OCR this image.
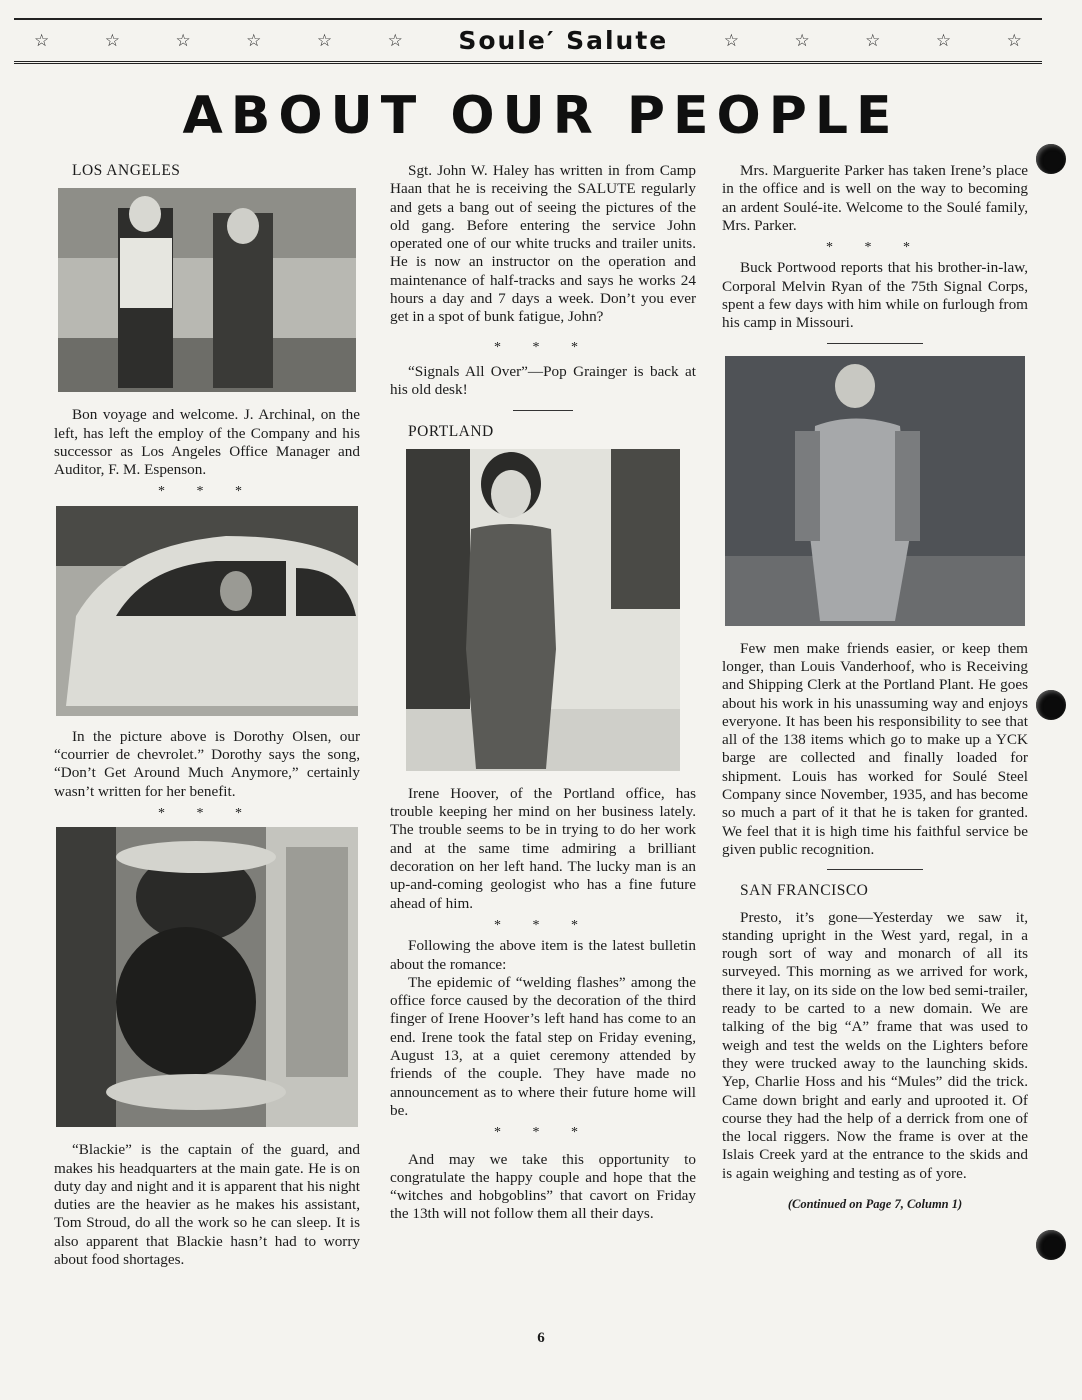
☆	☆	☆	☆	☆	☆ Soule′ Salute	☆	☆	☆	☆	☆
ABOUT OUR PEOPLE

LOS ANGELES

Bon voyage and welcome. J. Archinal, on the left, has left the employ of the Company and his successor as Los Angeles Office Manager and Auditor, F. M. Espenson.

* * *

In the picture above is Dorothy Olsen, our “courrier de chevrolet.” Dorothy says the song, “Don’t Get Around Much Anymore,” certainly wasn’t written for her benefit.

* * *

“Blackie” is the captain of the guard, and makes his headquarters at the main gate. He is on duty day and night and it is apparent that his night duties are the heavier as he makes his assistant, Tom Stroud, do all the work so he can sleep. It is also apparent that Blackie hasn’t had to worry about food shortages.

Sgt. John W. Haley has written in from Camp Haan that he is receiving the SALUTE regularly and gets a bang out of seeing the pictures of the old gang. Before entering the service John operated one of our white trucks and trailer units. He is now an instructor on the operation and maintenance of half-tracks and says he works 24 hours a day and 7 days a week. Don’t you ever get in a spot of bunk fatigue, John?

* * *

“Signals All Over”—Pop Grainger is back at his old desk!

PORTLAND

Irene Hoover, of the Portland office, has trouble keeping her mind on her business lately. The trouble seems to be in trying to do her work and at the same time admiring a brilliant decoration on her left hand. The lucky man is an up-and-coming geologist who has a fine future ahead of him.

* * *

Following the above item is the latest bulletin about the romance:

The epidemic of “welding flashes” among the office force caused by the decoration of the third finger of Irene Hoover’s left hand has come to an end. Irene took the fatal step on Friday evening, August 13, at a quiet ceremony attended by friends of the couple. They have made no announcement as to where their future home will be.

* * *

And may we take this opportunity to congratulate the happy couple and hope that the “witches and hobgoblins” that cavort on Friday the 13th will not follow them all their days.

Mrs. Marguerite Parker has taken Irene’s place in the office and is well on the way to becoming an ardent Soulé-ite. Welcome to the Soulé family, Mrs. Parker.

* * *

Buck Portwood reports that his brother-in-law, Corporal Melvin Ryan of the 75th Signal Corps, spent a few days with him while on furlough from his camp in Missouri.

Few men make friends easier, or keep them longer, than Louis Vanderhoof, who is Receiving and Shipping Clerk at the Portland Plant. He goes about his work in his unassuming way and enjoys everyone. It has been his responsibility to see that all of the 138 items which go to make up a YCK barge are collected and finally loaded for shipment. Louis has worked for Soulé Steel Company since November, 1935, and has become so much a part of it that he is taken for granted. We feel that it is high time his faithful service be given public recognition.

SAN FRANCISCO

Presto, it’s gone—Yesterday we saw it, standing upright in the West yard, regal, in a rough sort of way and monarch of all its surveyed. This morning as we arrived for work, there it lay, on its side on the low bed semi-trailer, ready to be carted to a new domain. We are talking of the big “A” frame that was used to weigh and test the welds on the Lighters before they were trucked away to the launching skids. Yep, Charlie Hoss and his “Mules” did the trick. Came down bright and early and uprooted it. Of course they had the help of a derrick from one of the local riggers. Now the frame is over at the Islais Creek yard at the entrance to the skids and is again weighing and testing as of yore.

(Continued on Page 7, Column 1)
6
